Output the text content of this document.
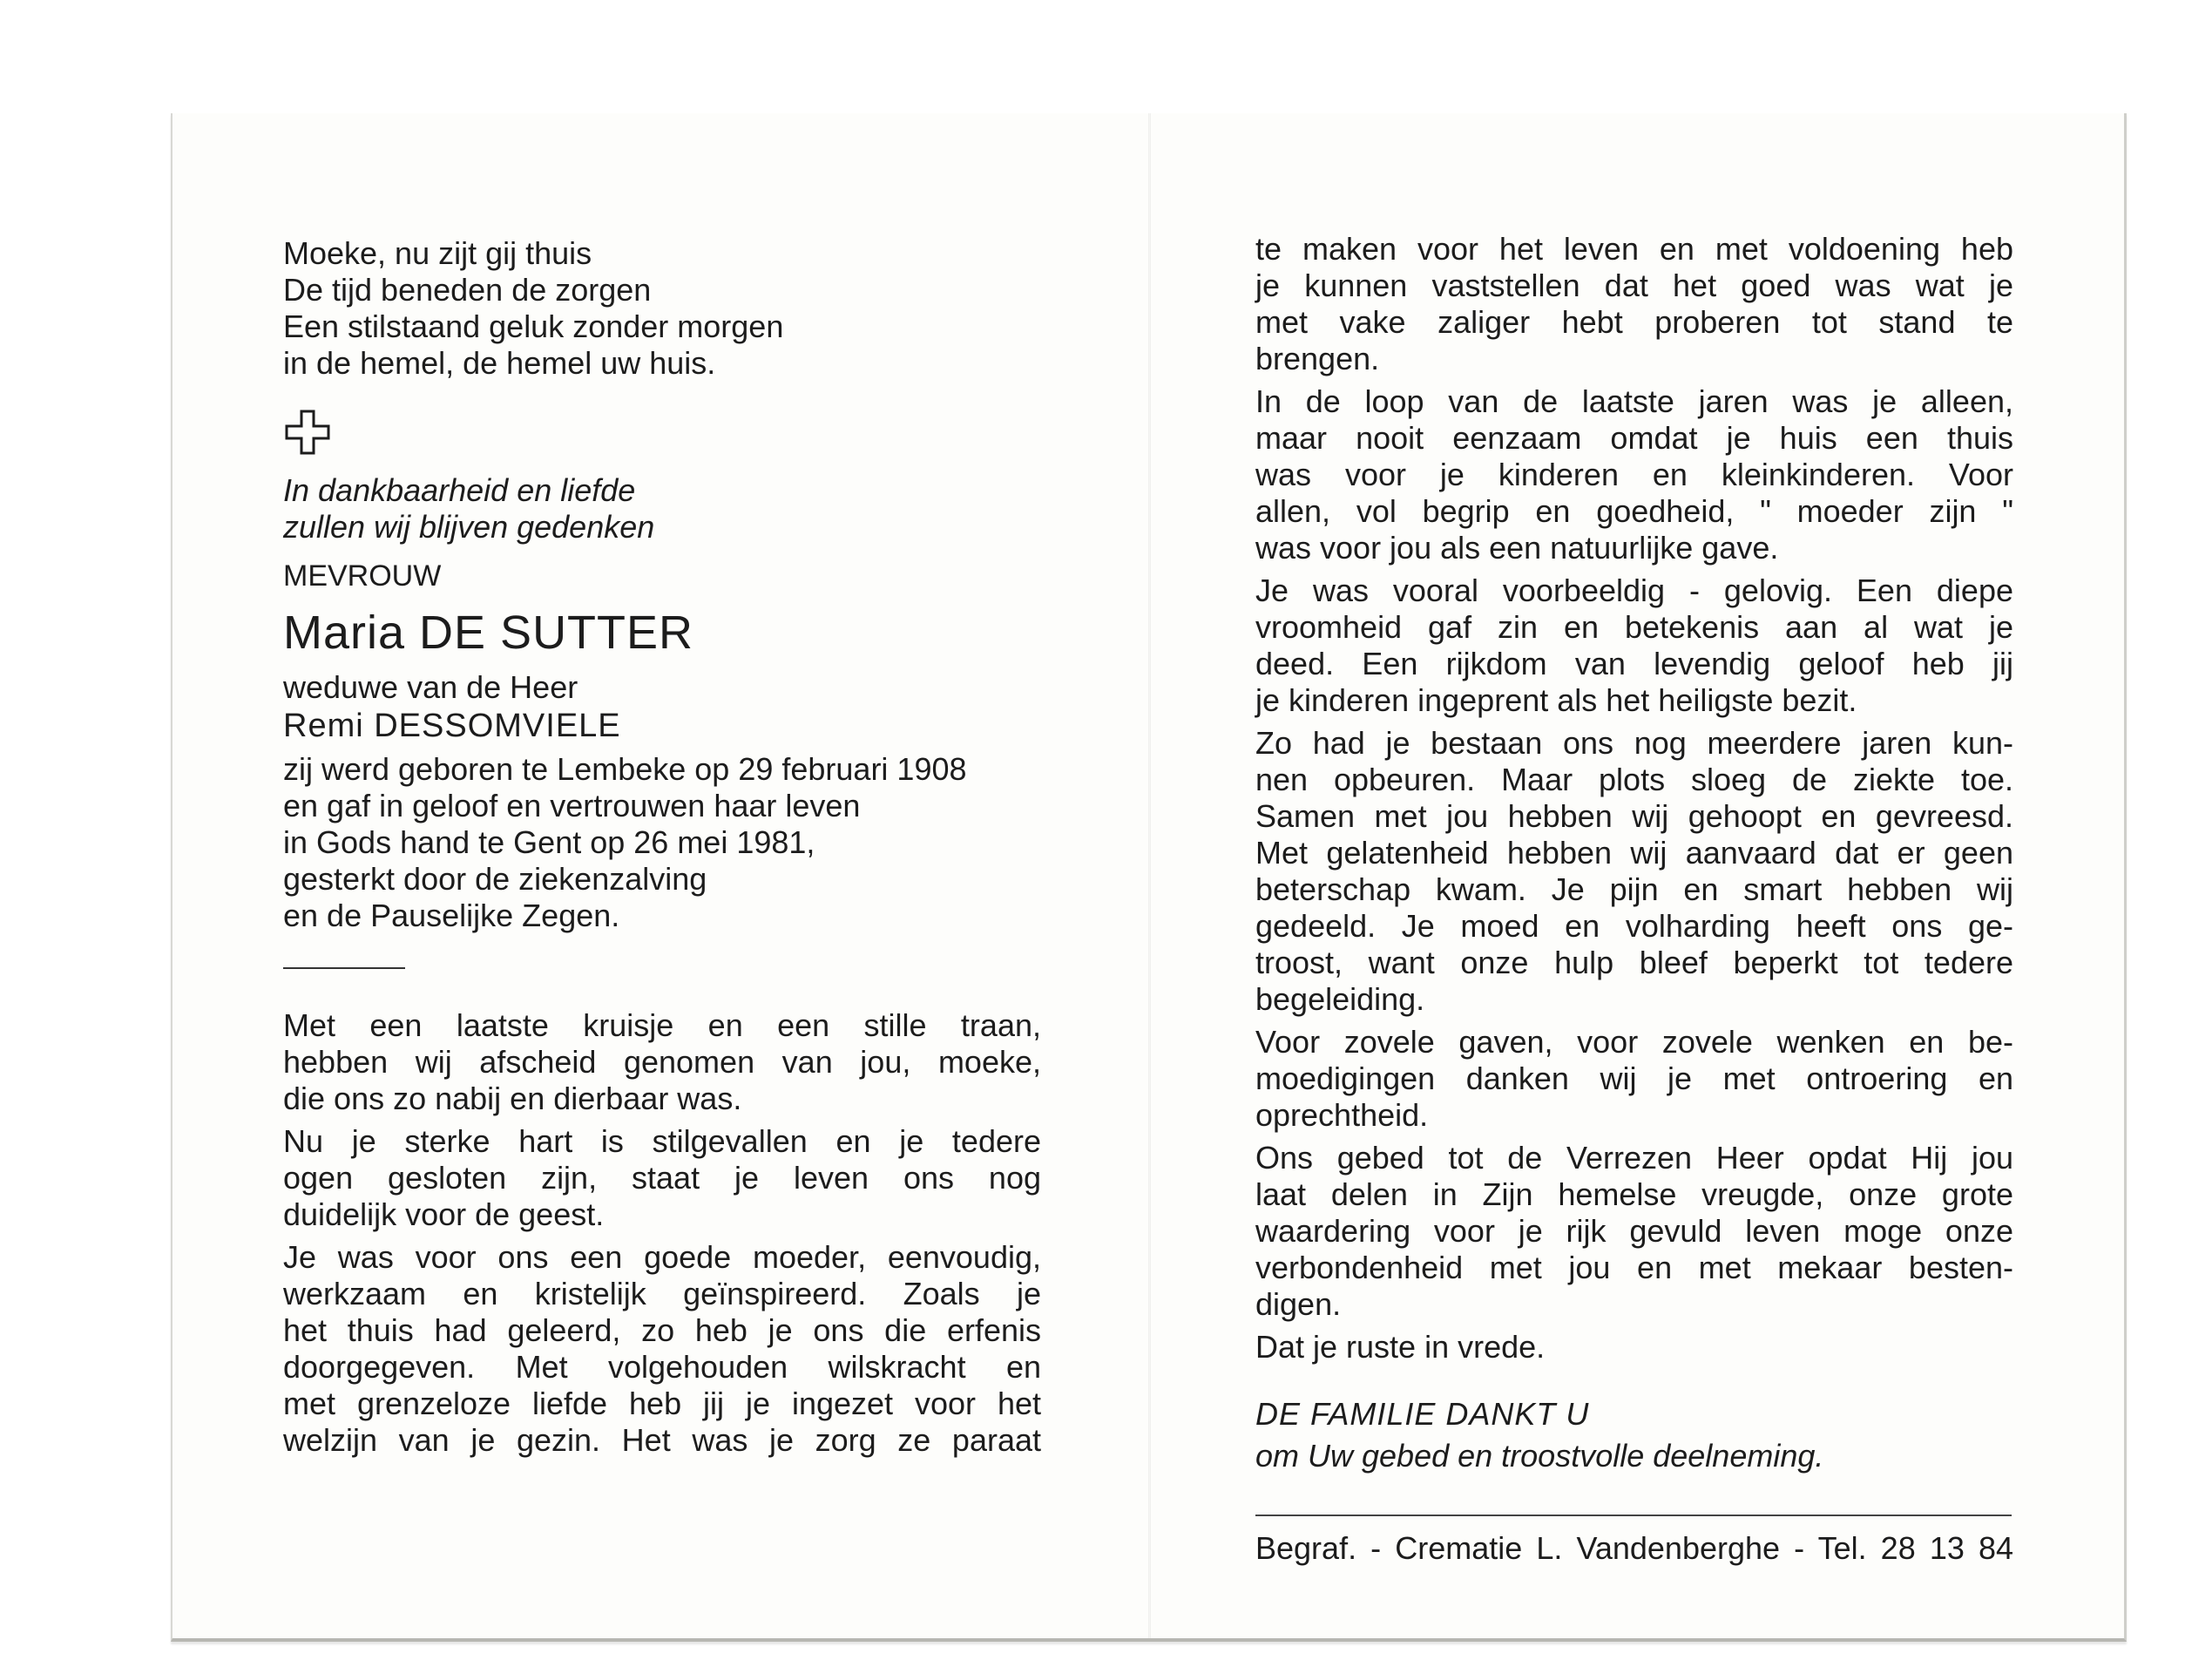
Moeke, nu zijt gij thuis
De tijd beneden de zorgen
Een stilstaand geluk zonder morgen
in de hemel, de hemel uw huis.
In dankbaarheid en liefde
zullen wij blijven gedenken
MEVROUW
Maria DE SUTTER
weduwe van de Heer
Remi DESSOMVIELE
zij werd geboren te Lembeke op 29 februari 1908
en gaf in geloof en vertrouwen haar leven
in Gods hand te Gent op 26 mei 1981,
gesterkt door de ziekenzalving
en de Pauselijke Zegen.
Met een laatste kruisje en een stille traan,
hebben wij afscheid genomen van jou, moeke,
die ons zo nabij en dierbaar was.
Nu je sterke hart is stilgevallen en je tedere
ogen gesloten zijn, staat je leven ons nog
duidelijk voor de geest.
Je was voor ons een goede moeder, eenvoudig,
werkzaam en kristelijk geïnspireerd. Zoals je
het thuis had geleerd, zo heb je ons die erfenis
doorgegeven. Met volgehouden wilskracht en
met grenzeloze liefde heb jij je ingezet voor het
welzijn van je gezin. Het was je zorg ze paraat
te maken voor het leven en met voldoening heb
je kunnen vaststellen dat het goed was wat je
met vake zaliger hebt proberen tot stand te
brengen.
In de loop van de laatste jaren was je alleen,
maar nooit eenzaam omdat je huis een thuis
was voor je kinderen en kleinkinderen. Voor
allen, vol begrip en goedheid, " moeder zijn "
was voor jou als een natuurlijke gave.
Je was vooral voorbeeldig - gelovig. Een diepe
vroomheid gaf zin en betekenis aan al wat je
deed. Een rijkdom van levendig geloof heb jij
je kinderen ingeprent als het heiligste bezit.
Zo had je bestaan ons nog meerdere jaren kun-
nen opbeuren. Maar plots sloeg de ziekte toe.
Samen met jou hebben wij gehoopt en gevreesd.
Met gelatenheid hebben wij aanvaard dat er geen
beterschap kwam. Je pijn en smart hebben wij
gedeeld. Je moed en volharding heeft ons ge-
troost, want onze hulp bleef beperkt tot tedere
begeleiding.
Voor zovele gaven, voor zovele wenken en be-
moedigingen danken wij je met ontroering en
oprechtheid.
Ons gebed tot de Verrezen Heer opdat Hij jou
laat delen in Zijn hemelse vreugde, onze grote
waardering voor je rijk gevuld leven moge onze
verbondenheid met jou en met mekaar besten-
digen.
Dat je ruste in vrede.
DE FAMILIE DANKT U
om Uw gebed en troostvolle deelneming.
Begraf. - Crematie L. Vandenberghe - Tel. 28 13 84
